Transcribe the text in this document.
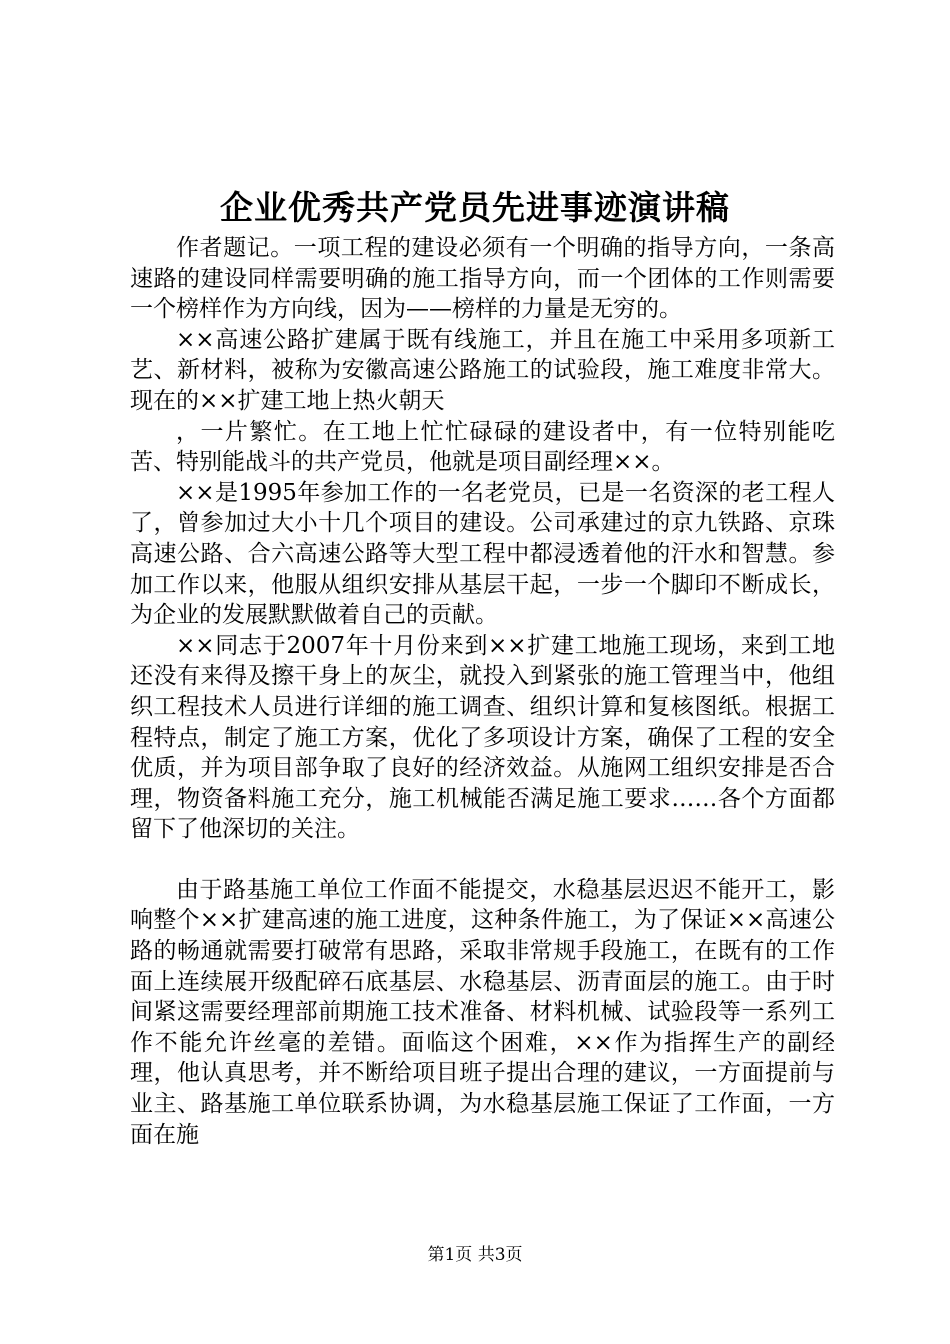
企业优秀共产党员先进事迹演讲稿

作者题记。一项工程的建设必须有一个明确的指导方向，一条高速路的建设同样需要明确的施工指导方向，而一个团体的工作则需要一个榜样作为方向线，因为——榜样的力量是无穷的。

××高速公路扩建属于既有线施工，并且在施工中采用多项新工艺、新材料，被称为安徽高速公路施工的试验段，施工难度非常大。现在的××扩建工地上热火朝天

，一片繁忙。在工地上忙忙碌碌的建设者中，有一位特别能吃苦、特别能战斗的共产党员，他就是项目副经理××。

××是1995年参加工作的一名老党员，已是一名资深的老工程人了，曾参加过大小十几个项目的建设。公司承建过的京九铁路、京珠高速公路、合六高速公路等大型工程中都浸透着他的汗水和智慧。参加工作以来，他服从组织安排从基层干起，一步一个脚印不断成长，为企业的发展默默做着自己的贡献。

××同志于2007年十月份来到××扩建工地施工现场，来到工地还没有来得及擦干身上的灰尘，就投入到紧张的施工管理当中，他组织工程技术人员进行详细的施工调查、组织计算和复核图纸。根据工程特点，制定了施工方案，优化了多项设计方案，确保了工程的安全优质，并为项目部争取了良好的经济效益。从施网工组织安排是否合理，物资备料施工充分，施工机械能否满足施工要求……各个方面都留下了他深切的关注。

由于路基施工单位工作面不能提交，水稳基层迟迟不能开工，影响整个××扩建高速的施工进度，这种条件施工，为了保证××高速公路的畅通就需要打破常有思路，采取非常规手段施工，在既有的工作面上连续展开级配碎石底基层、水稳基层、沥青面层的施工。由于时间紧这需要经理部前期施工技术准备、材料机械、试验段等一系列工作不能允许丝毫的差错。面临这个困难，××作为指挥生产的副经理，他认真思考，并不断给项目班子提出合理的建议，一方面提前与业主、路基施工单位联系协调，为水稳基层施工保证了工作面，一方面在施

第1页 共3页
